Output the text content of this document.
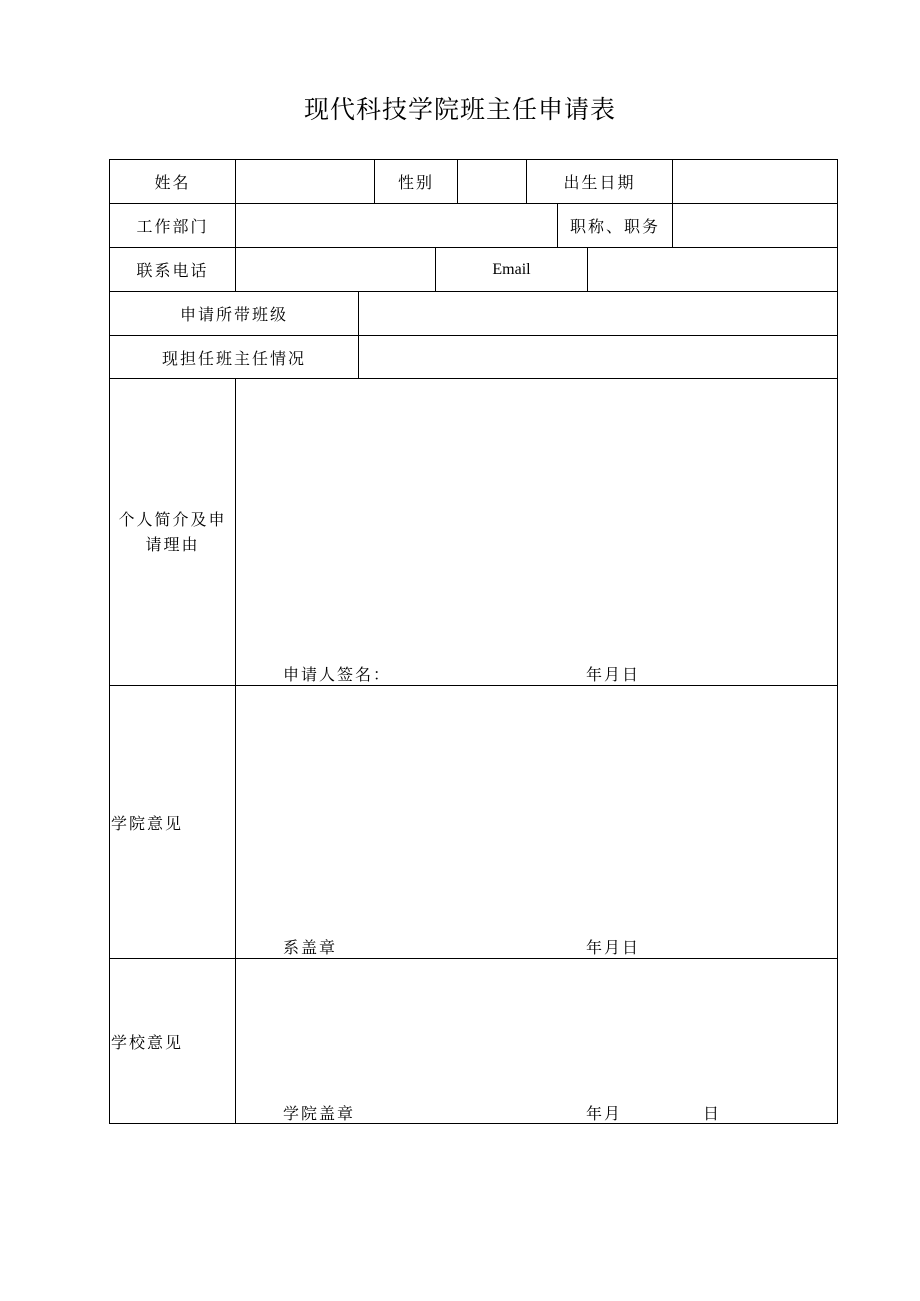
现代科技学院班主任申请表
姓名	性别	出生日期
工作部门	职称、职务
联系电话	Email
申请所带班级
现担任班主任情况
个人简介及申
请理由
申请人签名：	年月日
学院意见
系盖章	年月日
学校意见
学院盖章	年月	日
